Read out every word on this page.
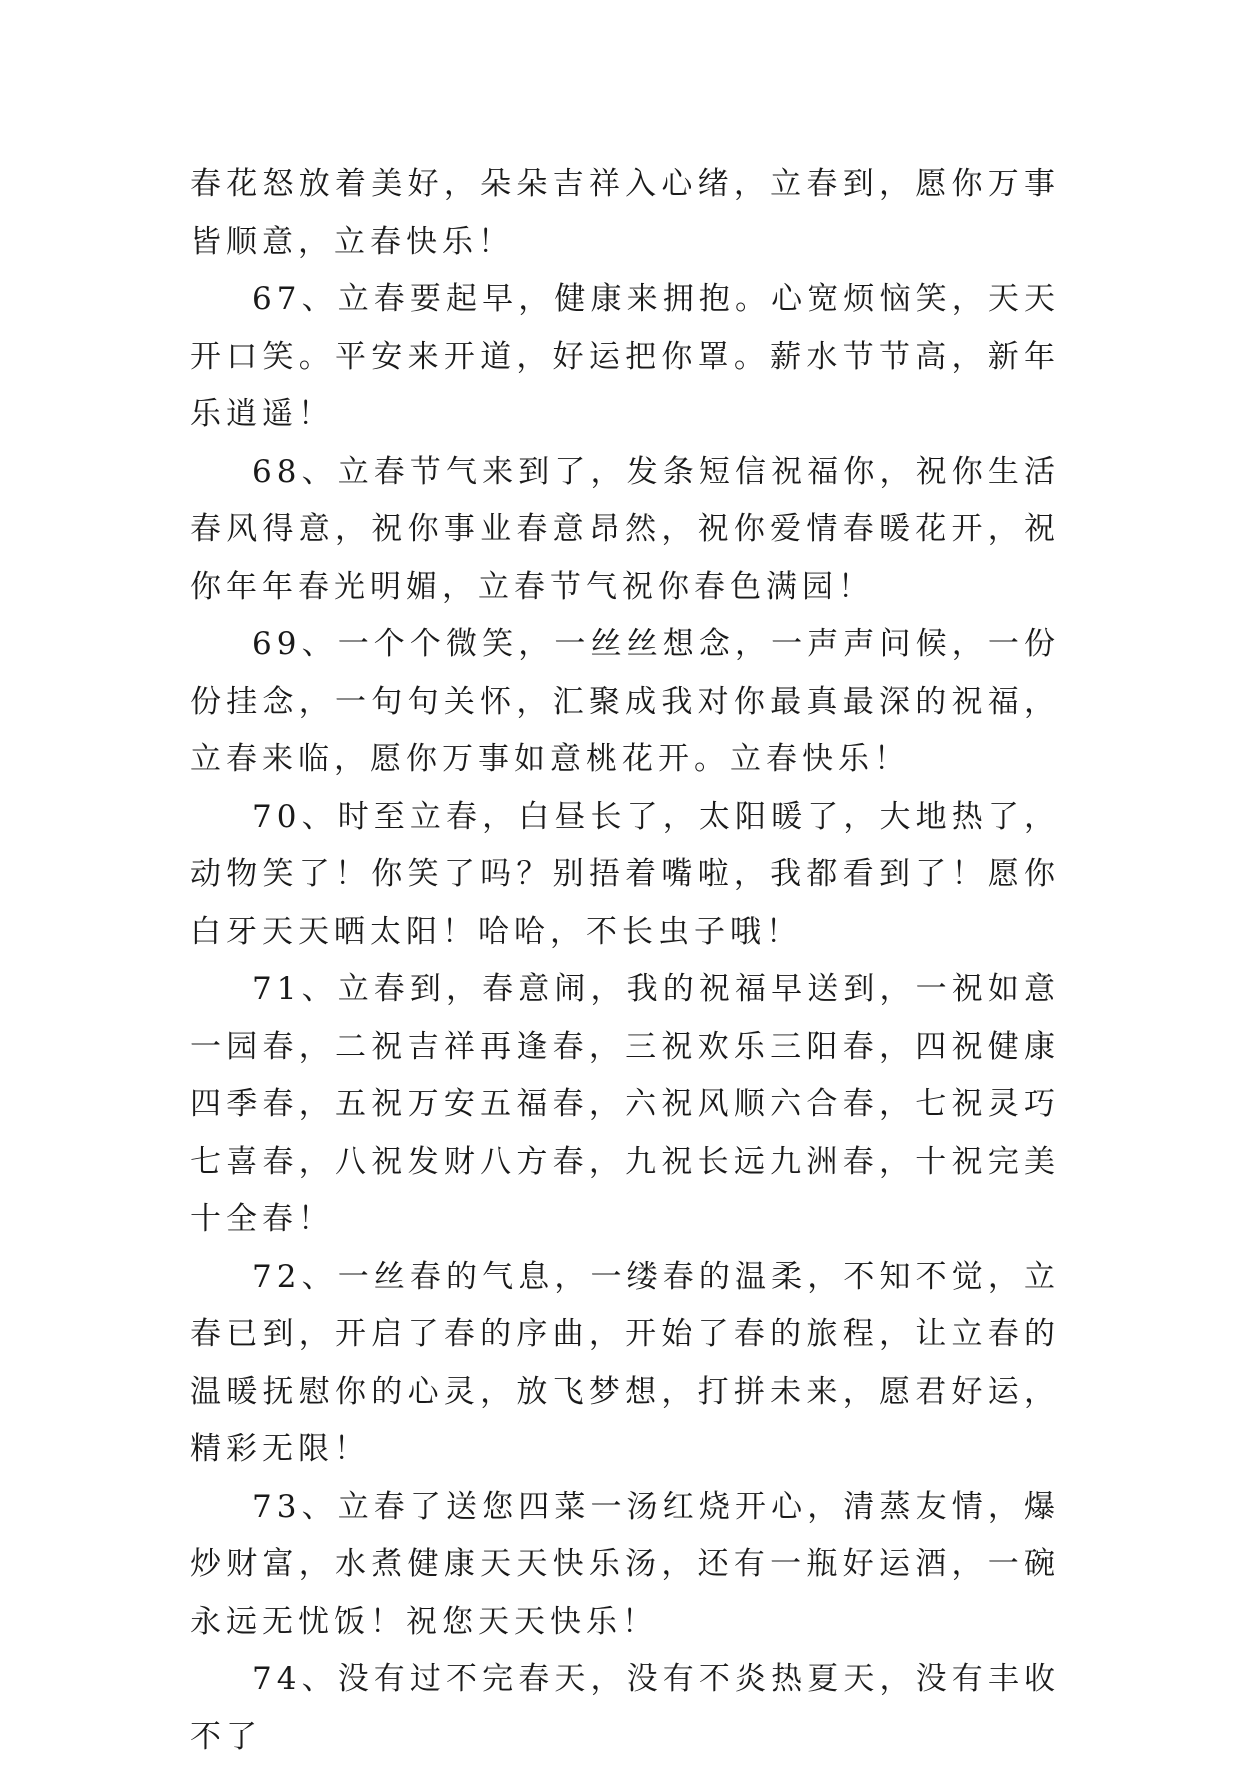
春花怒放着美好，朵朵吉祥入心绪，立春到，愿你万事皆顺意，立春快乐！

67、立春要起早，健康来拥抱。心宽烦恼笑，天天开口笑。平安来开道，好运把你罩。薪水节节高，新年乐逍遥！

68、立春节气来到了，发条短信祝福你，祝你生活春风得意，祝你事业春意昂然，祝你爱情春暖花开，祝你年年春光明媚，立春节气祝你春色满园！

69、一个个微笑，一丝丝想念，一声声问候，一份份挂念，一句句关怀，汇聚成我对你最真最深的祝福，立春来临，愿你万事如意桃花开。立春快乐！

70、时至立春，白昼长了，太阳暖了，大地热了，动物笑了！你笑了吗？别捂着嘴啦，我都看到了！愿你白牙天天晒太阳！哈哈，不长虫子哦！

71、立春到，春意闹，我的祝福早送到，一祝如意一园春，二祝吉祥再逢春，三祝欢乐三阳春，四祝健康四季春，五祝万安五福春，六祝风顺六合春，七祝灵巧七喜春，八祝发财八方春，九祝长远九洲春，十祝完美十全春！

72、一丝春的气息，一缕春的温柔，不知不觉，立春已到，开启了春的序曲，开始了春的旅程，让立春的温暖抚慰你的心灵，放飞梦想，打拼未来，愿君好运，精彩无限！

73、立春了送您四菜一汤红烧开心，清蒸友情，爆炒财富，水煮健康天天快乐汤，还有一瓶好运酒，一碗永远无忧饭！祝您天天快乐！

74、没有过不完春天，没有不炎热夏天，没有丰收不了
